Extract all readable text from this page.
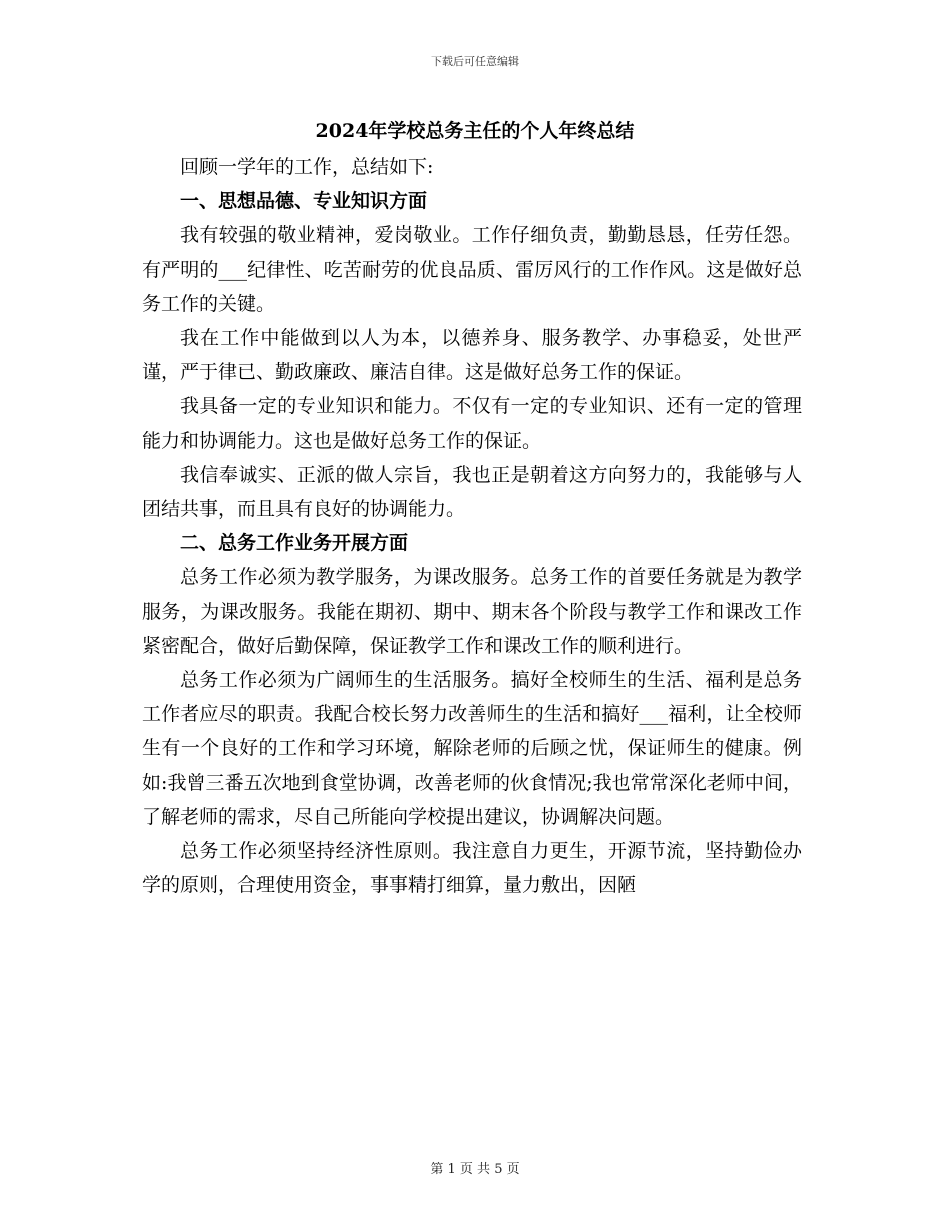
下载后可任意编辑
2024年学校总务主任的个人年终总结

回顾一学年的工作，总结如下:

一、思想品德、专业知识方面

我有较强的敬业精神，爱岗敬业。工作仔细负责，勤勤恳恳，任劳任怨。有严明的___纪律性、吃苦耐劳的优良品质、雷厉风行的工作作风。这是做好总务工作的关键。

我在工作中能做到以人为本，以德养身、服务教学、办事稳妥，处世严谨，严于律已、勤政廉政、廉洁自律。这是做好总务工作的保证。

我具备一定的专业知识和能力。不仅有一定的专业知识、还有一定的管理能力和协调能力。这也是做好总务工作的保证。

我信奉诚实、正派的做人宗旨，我也正是朝着这方向努力的，我能够与人团结共事，而且具有良好的协调能力。

二、总务工作业务开展方面

总务工作必须为教学服务，为课改服务。总务工作的首要任务就是为教学服务，为课改服务。我能在期初、期中、期末各个阶段与教学工作和课改工作紧密配合，做好后勤保障，保证教学工作和课改工作的顺利进行。

总务工作必须为广阔师生的生活服务。搞好全校师生的生活、福利是总务工作者应尽的职责。我配合校长努力改善师生的生活和搞好___福利，让全校师生有一个良好的工作和学习环境，解除老师的后顾之忧，保证师生的健康。例如:我曾三番五次地到食堂协调，改善老师的伙食情况;我也常常深化老师中间，了解老师的需求，尽自己所能向学校提出建议，协调解决问题。

总务工作必须坚持经济性原则。我注意自力更生，开源节流，坚持勤俭办学的原则，合理使用资金，事事精打细算，量力敷出，因陋

第 1 页 共 5 页
